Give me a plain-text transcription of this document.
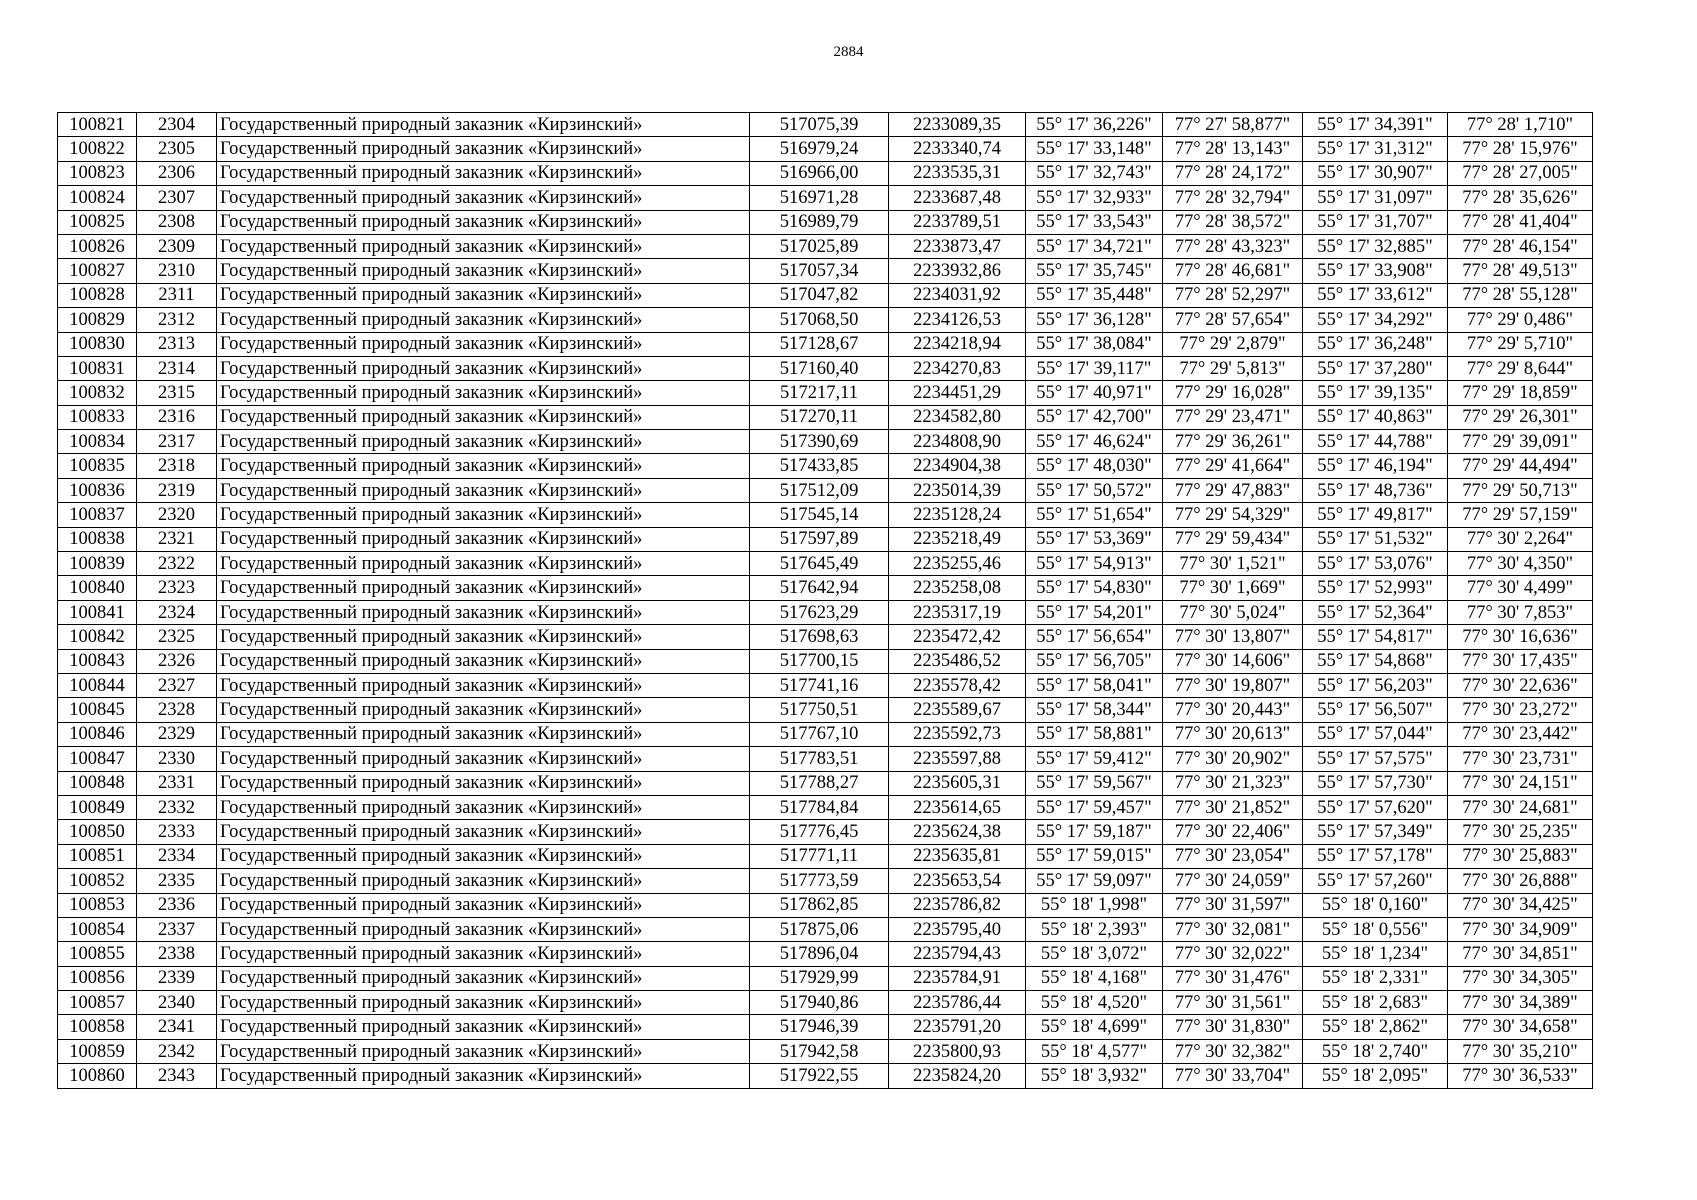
2884
100821	2304	Государственный природный заказник «Кирзинский»	517075,39	2233089,35	55° 17' 36,226"	77° 27' 58,877"	55° 17' 34,391"	77° 28' 1,710"
100822	2305	Государственный природный заказник «Кирзинский»	516979,24	2233340,74	55° 17' 33,148"	77° 28' 13,143"	55° 17' 31,312"	77° 28' 15,976"
100823	2306	Государственный природный заказник «Кирзинский»	516966,00	2233535,31	55° 17' 32,743"	77° 28' 24,172"	55° 17' 30,907"	77° 28' 27,005"
100824	2307	Государственный природный заказник «Кирзинский»	516971,28	2233687,48	55° 17' 32,933"	77° 28' 32,794"	55° 17' 31,097"	77° 28' 35,626"
100825	2308	Государственный природный заказник «Кирзинский»	516989,79	2233789,51	55° 17' 33,543"	77° 28' 38,572"	55° 17' 31,707"	77° 28' 41,404"
100826	2309	Государственный природный заказник «Кирзинский»	517025,89	2233873,47	55° 17' 34,721"	77° 28' 43,323"	55° 17' 32,885"	77° 28' 46,154"
100827	2310	Государственный природный заказник «Кирзинский»	517057,34	2233932,86	55° 17' 35,745"	77° 28' 46,681"	55° 17' 33,908"	77° 28' 49,513"
100828	2311	Государственный природный заказник «Кирзинский»	517047,82	2234031,92	55° 17' 35,448"	77° 28' 52,297"	55° 17' 33,612"	77° 28' 55,128"
100829	2312	Государственный природный заказник «Кирзинский»	517068,50	2234126,53	55° 17' 36,128"	77° 28' 57,654"	55° 17' 34,292"	77° 29' 0,486"
100830	2313	Государственный природный заказник «Кирзинский»	517128,67	2234218,94	55° 17' 38,084"	77° 29' 2,879"	55° 17' 36,248"	77° 29' 5,710"
100831	2314	Государственный природный заказник «Кирзинский»	517160,40	2234270,83	55° 17' 39,117"	77° 29' 5,813"	55° 17' 37,280"	77° 29' 8,644"
100832	2315	Государственный природный заказник «Кирзинский»	517217,11	2234451,29	55° 17' 40,971"	77° 29' 16,028"	55° 17' 39,135"	77° 29' 18,859"
100833	2316	Государственный природный заказник «Кирзинский»	517270,11	2234582,80	55° 17' 42,700"	77° 29' 23,471"	55° 17' 40,863"	77° 29' 26,301"
100834	2317	Государственный природный заказник «Кирзинский»	517390,69	2234808,90	55° 17' 46,624"	77° 29' 36,261"	55° 17' 44,788"	77° 29' 39,091"
100835	2318	Государственный природный заказник «Кирзинский»	517433,85	2234904,38	55° 17' 48,030"	77° 29' 41,664"	55° 17' 46,194"	77° 29' 44,494"
100836	2319	Государственный природный заказник «Кирзинский»	517512,09	2235014,39	55° 17' 50,572"	77° 29' 47,883"	55° 17' 48,736"	77° 29' 50,713"
100837	2320	Государственный природный заказник «Кирзинский»	517545,14	2235128,24	55° 17' 51,654"	77° 29' 54,329"	55° 17' 49,817"	77° 29' 57,159"
100838	2321	Государственный природный заказник «Кирзинский»	517597,89	2235218,49	55° 17' 53,369"	77° 29' 59,434"	55° 17' 51,532"	77° 30' 2,264"
100839	2322	Государственный природный заказник «Кирзинский»	517645,49	2235255,46	55° 17' 54,913"	77° 30' 1,521"	55° 17' 53,076"	77° 30' 4,350"
100840	2323	Государственный природный заказник «Кирзинский»	517642,94	2235258,08	55° 17' 54,830"	77° 30' 1,669"	55° 17' 52,993"	77° 30' 4,499"
100841	2324	Государственный природный заказник «Кирзинский»	517623,29	2235317,19	55° 17' 54,201"	77° 30' 5,024"	55° 17' 52,364"	77° 30' 7,853"
100842	2325	Государственный природный заказник «Кирзинский»	517698,63	2235472,42	55° 17' 56,654"	77° 30' 13,807"	55° 17' 54,817"	77° 30' 16,636"
100843	2326	Государственный природный заказник «Кирзинский»	517700,15	2235486,52	55° 17' 56,705"	77° 30' 14,606"	55° 17' 54,868"	77° 30' 17,435"
100844	2327	Государственный природный заказник «Кирзинский»	517741,16	2235578,42	55° 17' 58,041"	77° 30' 19,807"	55° 17' 56,203"	77° 30' 22,636"
100845	2328	Государственный природный заказник «Кирзинский»	517750,51	2235589,67	55° 17' 58,344"	77° 30' 20,443"	55° 17' 56,507"	77° 30' 23,272"
100846	2329	Государственный природный заказник «Кирзинский»	517767,10	2235592,73	55° 17' 58,881"	77° 30' 20,613"	55° 17' 57,044"	77° 30' 23,442"
100847	2330	Государственный природный заказник «Кирзинский»	517783,51	2235597,88	55° 17' 59,412"	77° 30' 20,902"	55° 17' 57,575"	77° 30' 23,731"
100848	2331	Государственный природный заказник «Кирзинский»	517788,27	2235605,31	55° 17' 59,567"	77° 30' 21,323"	55° 17' 57,730"	77° 30' 24,151"
100849	2332	Государственный природный заказник «Кирзинский»	517784,84	2235614,65	55° 17' 59,457"	77° 30' 21,852"	55° 17' 57,620"	77° 30' 24,681"
100850	2333	Государственный природный заказник «Кирзинский»	517776,45	2235624,38	55° 17' 59,187"	77° 30' 22,406"	55° 17' 57,349"	77° 30' 25,235"
100851	2334	Государственный природный заказник «Кирзинский»	517771,11	2235635,81	55° 17' 59,015"	77° 30' 23,054"	55° 17' 57,178"	77° 30' 25,883"
100852	2335	Государственный природный заказник «Кирзинский»	517773,59	2235653,54	55° 17' 59,097"	77° 30' 24,059"	55° 17' 57,260"	77° 30' 26,888"
100853	2336	Государственный природный заказник «Кирзинский»	517862,85	2235786,82	55° 18' 1,998"	77° 30' 31,597"	55° 18' 0,160"	77° 30' 34,425"
100854	2337	Государственный природный заказник «Кирзинский»	517875,06	2235795,40	55° 18' 2,393"	77° 30' 32,081"	55° 18' 0,556"	77° 30' 34,909"
100855	2338	Государственный природный заказник «Кирзинский»	517896,04	2235794,43	55° 18' 3,072"	77° 30' 32,022"	55° 18' 1,234"	77° 30' 34,851"
100856	2339	Государственный природный заказник «Кирзинский»	517929,99	2235784,91	55° 18' 4,168"	77° 30' 31,476"	55° 18' 2,331"	77° 30' 34,305"
100857	2340	Государственный природный заказник «Кирзинский»	517940,86	2235786,44	55° 18' 4,520"	77° 30' 31,561"	55° 18' 2,683"	77° 30' 34,389"
100858	2341	Государственный природный заказник «Кирзинский»	517946,39	2235791,20	55° 18' 4,699"	77° 30' 31,830"	55° 18' 2,862"	77° 30' 34,658"
100859	2342	Государственный природный заказник «Кирзинский»	517942,58	2235800,93	55° 18' 4,577"	77° 30' 32,382"	55° 18' 2,740"	77° 30' 35,210"
100860	2343	Государственный природный заказник «Кирзинский»	517922,55	2235824,20	55° 18' 3,932"	77° 30' 33,704"	55° 18' 2,095"	77° 30' 36,533"
